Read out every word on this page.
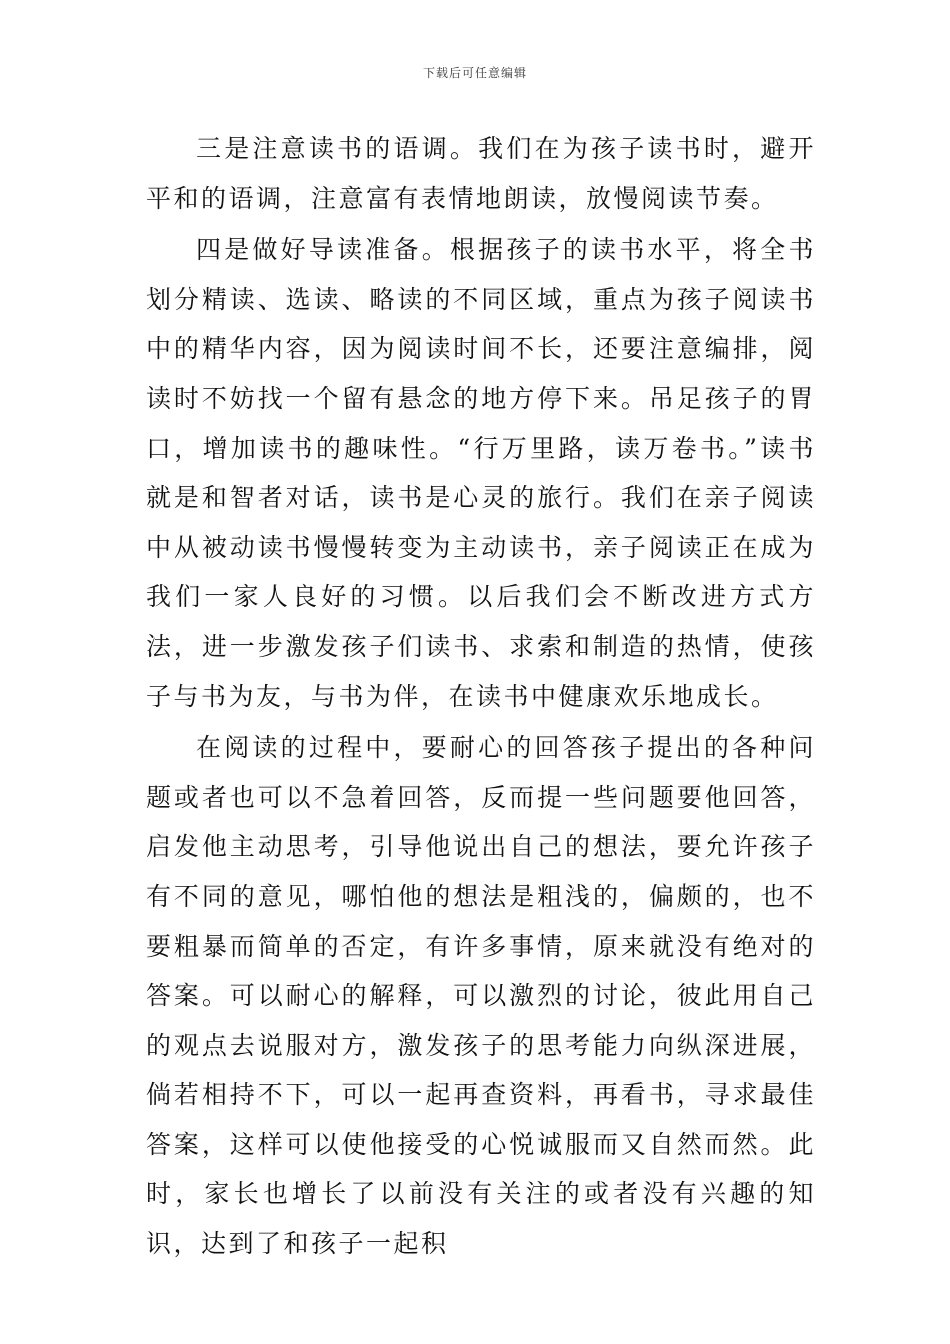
下载后可任意编辑

三是注意读书的语调。我们在为孩子读书时，避开平和的语调，注意富有表情地朗读，放慢阅读节奏。

四是做好导读准备。根据孩子的读书水平，将全书划分精读、选读、略读的不同区域，重点为孩子阅读书中的精华内容，因为阅读时间不长，还要注意编排，阅读时不妨找一个留有悬念的地方停下来。吊足孩子的胃口，增加读书的趣味性。“行万里路，读万卷书。”读书就是和智者对话，读书是心灵的旅行。我们在亲子阅读中从被动读书慢慢转变为主动读书，亲子阅读正在成为我们一家人良好的习惯。以后我们会不断改进方式方法，进一步激发孩子们读书、求索和制造的热情，使孩子与书为友，与书为伴，在读书中健康欢乐地成长。

在阅读的过程中，要耐心的回答孩子提出的各种问题或者也可以不急着回答，反而提一些问题要他回答，启发他主动思考，引导他说出自己的想法，要允许孩子有不同的意见，哪怕他的想法是粗浅的，偏颇的，也不要粗暴而简单的否定，有许多事情，原来就没有绝对的答案。可以耐心的解释，可以激烈的讨论，彼此用自己的观点去说服对方，激发孩子的思考能力向纵深进展，倘若相持不下，可以一起再查资料，再看书，寻求最佳答案，这样可以使他接受的心悦诚服而又自然而然。此时，家长也增长了以前没有关注的或者没有兴趣的知识，达到了和孩子一起积
